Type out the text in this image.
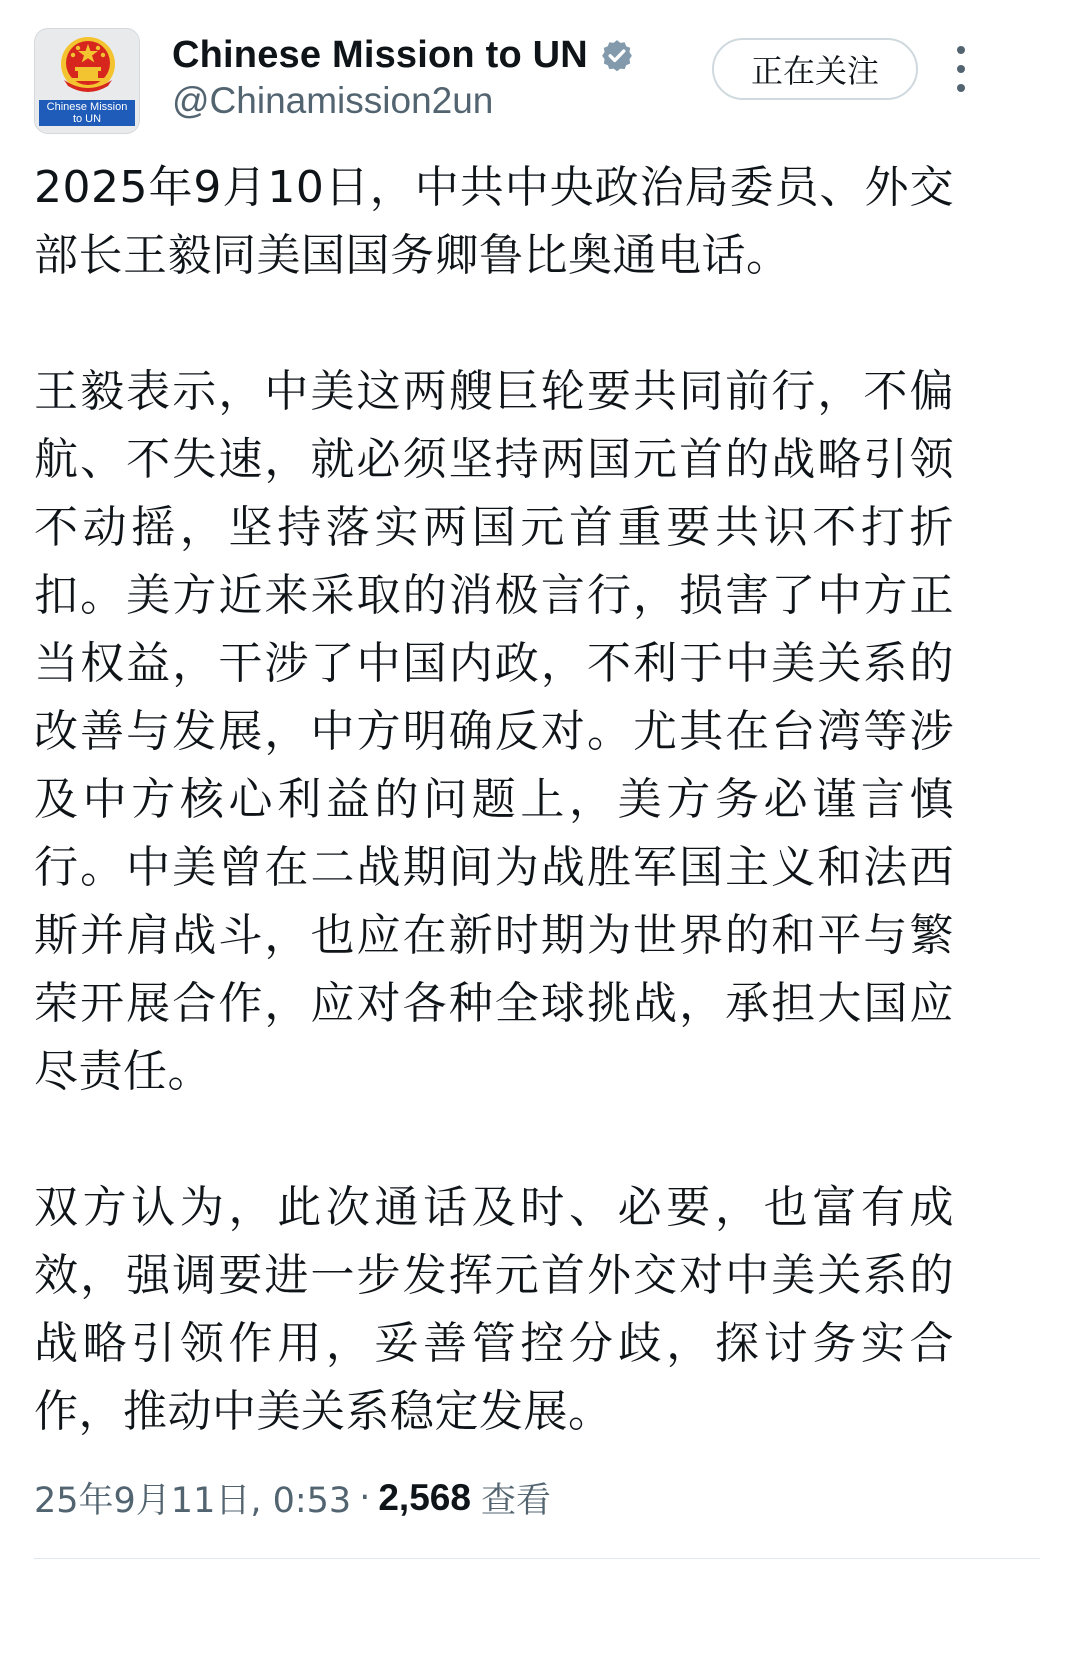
Chinese Mission
to UN
Chinese Mission to UN
@Chinamission2un
正在关注

2025年9月10日，中共中央政治局委员、外交部长王毅同美国国务卿鲁比奥通电话。

王毅表示，中美这两艘巨轮要共同前行，不偏航、不失速，就必须坚持两国元首的战略引领不动摇，坚持落实两国元首重要共识不打折扣。美方近来采取的消极言行，损害了中方正当权益，干涉了中国内政，不利于中美关系的改善与发展，中方明确反对。尤其在台湾等涉及中方核心利益的问题上，美方务必谨言慎行。中美曾在二战期间为战胜军国主义和法西斯并肩战斗，也应在新时期为世界的和平与繁荣开展合作，应对各种全球挑战，承担大国应尽责任。

双方认为，此次通话及时、必要，也富有成效，强调要进一步发挥元首外交对中美关系的战略引领作用，妥善管控分歧，探讨务实合作，推动中美关系稳定发展。

25年9月11日, 0:53 · 2,568 查看
